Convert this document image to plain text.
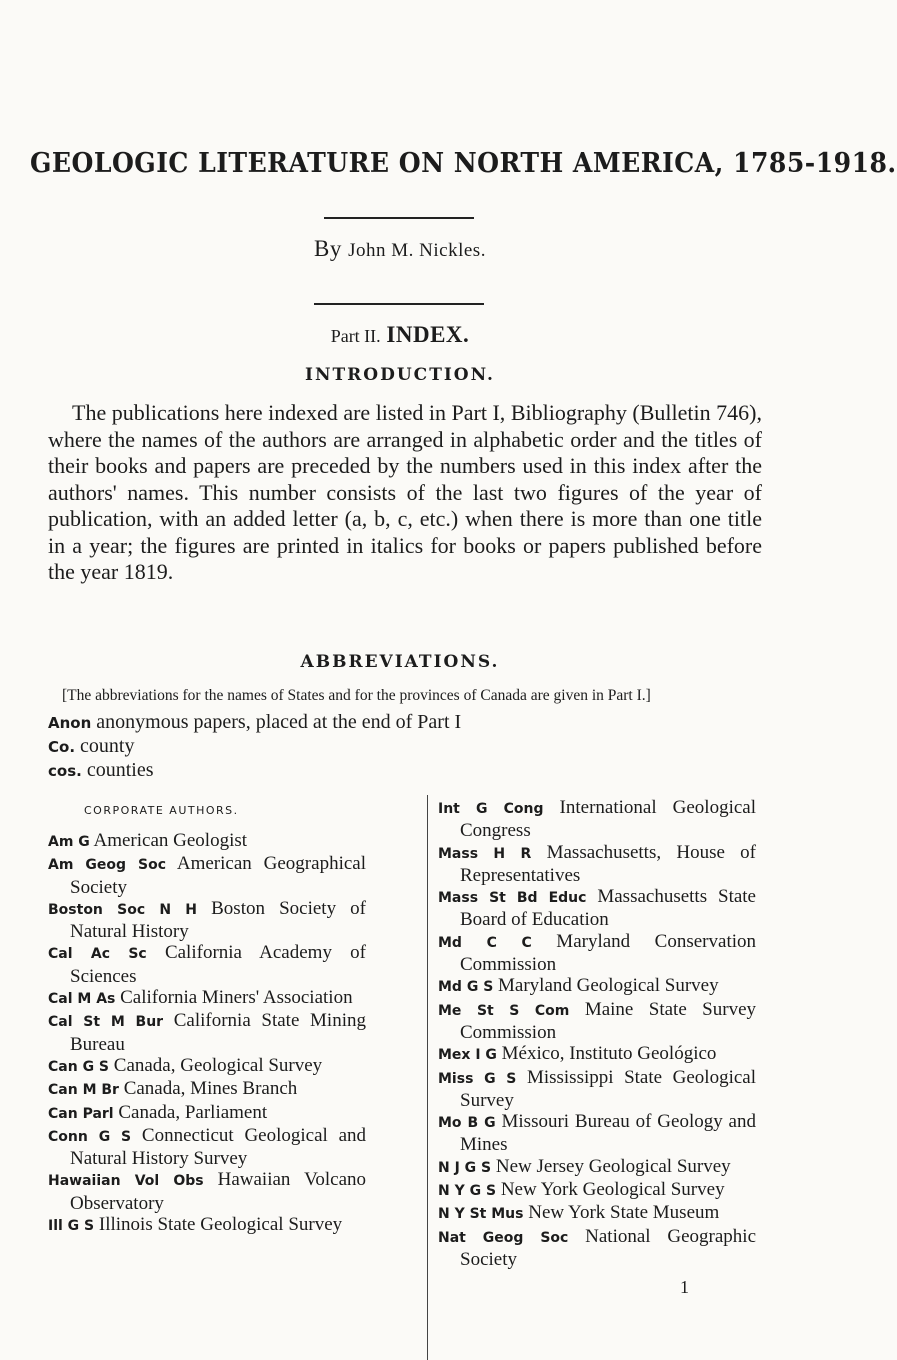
GEOLOGIC LITERATURE ON NORTH AMERICA, 1785-1918.
By John M. Nickles.
Part II. INDEX.
INTRODUCTION.
The publications here indexed are listed in Part I, Bibliography (Bulletin 746), where the names of the authors are arranged in alphabetic order and the titles of their books and papers are preceded by the numbers used in this index after the authors' names. This number consists of the last two figures of the year of publication, with an added letter (a, b, c, etc.) when there is more than one title in a year; the figures are printed in italics for books or papers published before the year 1819.
ABBREVIATIONS.
[The abbreviations for the names of States and for the provinces of Canada are given in Part I.]
Anon anonymous papers, placed at the end of Part I
Co. county
cos. counties
CORPORATE AUTHORS.
Am G American Geologist
Am Geog Soc American Geographical Society
Boston Soc N H Boston Society of Natural History
Cal Ac Sc California Academy of Sciences
Cal M As California Miners' Association
Cal St M Bur California State Mining Bureau
Can G S Canada, Geological Survey
Can M Br Canada, Mines Branch
Can Parl Canada, Parliament
Conn G S Connecticut Geological and Natural History Survey
Hawaiian Vol Obs Hawaiian Volcano Observatory
Ill G S Illinois State Geological Survey
Int G Cong International Geological Congress
Mass H R Massachusetts, House of Representatives
Mass St Bd Educ Massachusetts State Board of Education
Md C C Maryland Conservation Commission
Md G S Maryland Geological Survey
Me St S Com Maine State Survey Commission
Mex I G México, Instituto Geológico
Miss G S Mississippi State Geological Survey
Mo B G Missouri Bureau of Geology and Mines
N J G S New Jersey Geological Survey
N Y G S New York Geological Survey
N Y St Mus New York State Museum
Nat Geog Soc National Geographic Society
1
